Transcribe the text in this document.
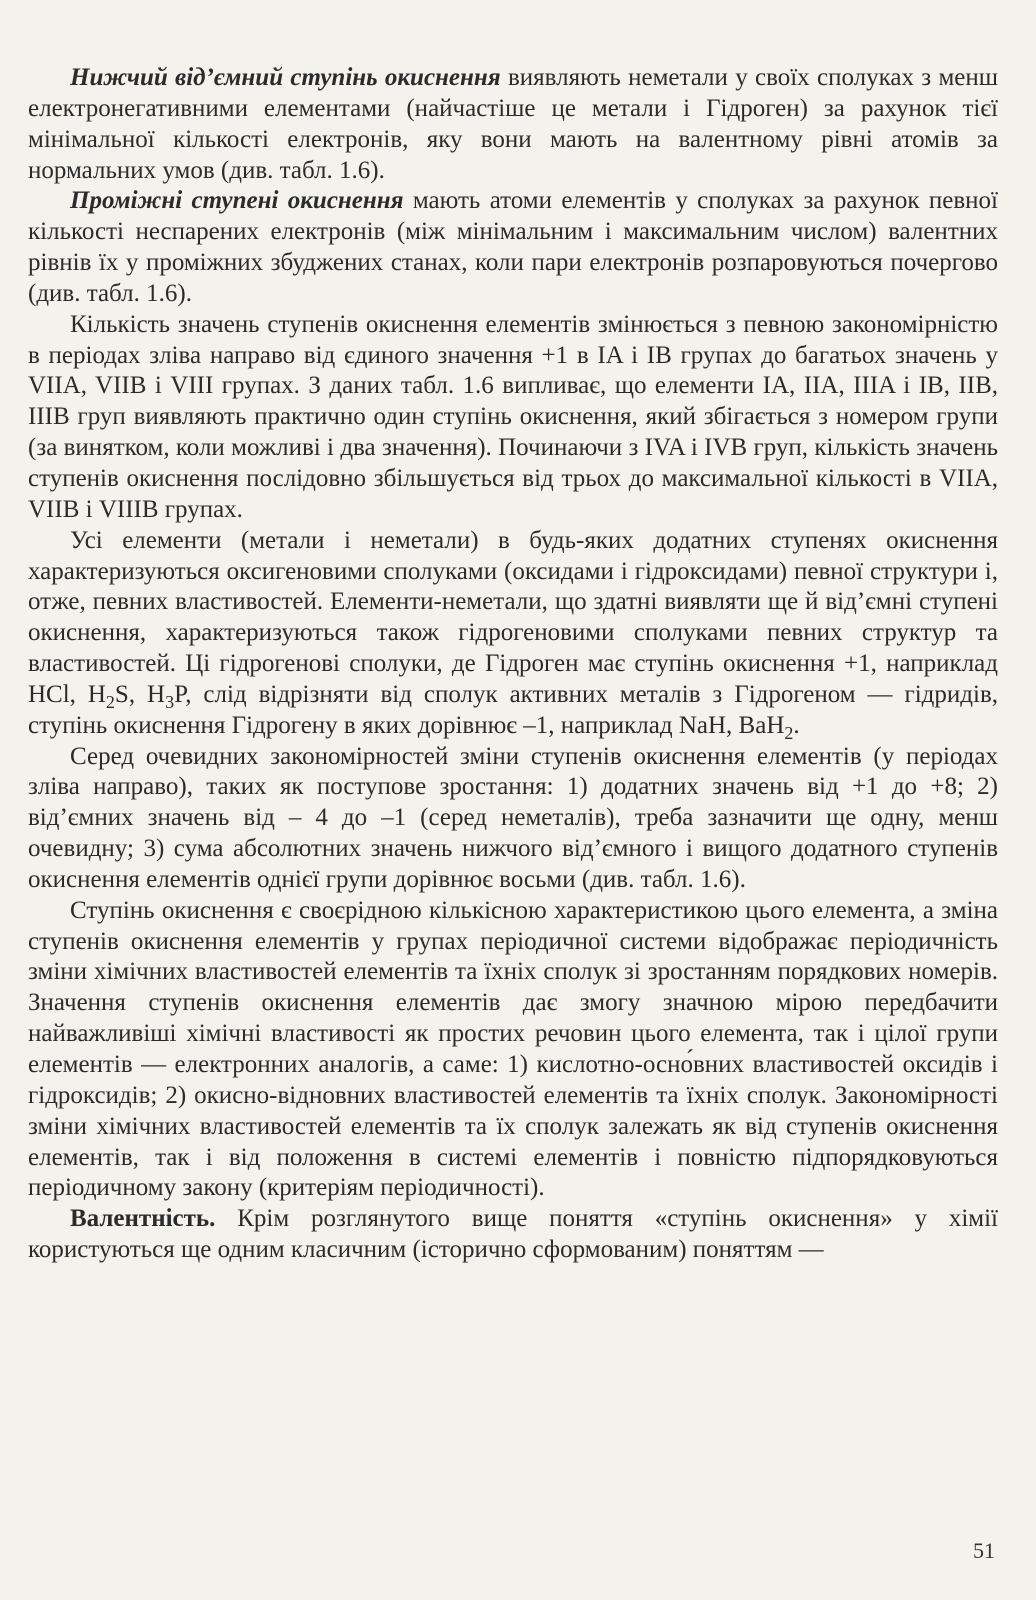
Нижчий від’ємний ступінь окиснення виявляють неметали у своїх сполуках з менш електронегативними елементами (найчастіше це метали і Гідроген) за рахунок тієї мінімальної кількості електронів, яку вони мають на валентному рівні атомів за нормальних умов (див. табл. 1.6).

Проміжні ступені окиснення мають атоми елементів у сполуках за рахунок певної кількості неспарених електронів (між мінімальним і максимальним числом) валентних рівнів їх у проміжних збуджених станах, коли пари електронів розпаровуються почергово (див. табл. 1.6).

Кількість значень ступенів окиснення елементів змінюється з певною закономірністю в періодах зліва направо від єдиного значення +1 в IA і IB групах до багатьох значень у VIIA, VIIB і VIII групах. З даних табл. 1.6 випливає, що елементи IA, IIA, IIIA і IB, IIB, IIIB груп виявляють практично один ступінь окиснення, який збігається з номером групи (за винятком, коли можливі і два значення). Починаючи з IVA і IVB груп, кількість значень ступенів окиснення послідовно збільшується від трьох до максимальної кількості в VIIA, VIIB і VIIIB групах.

Усі елементи (метали і неметали) в будь-яких додатних ступенях окиснення характеризуються оксигеновими сполуками (оксидами і гідроксидами) певної структури і, отже, певних властивостей. Елементи-неметали, що здатні виявляти ще й від’ємні ступені окиснення, характеризуються також гідрогеновими сполуками певних структур та властивостей. Ці гідрогенові сполуки, де Гідроген має ступінь окиснення +1, наприклад HCl, $H_2S$, $H_3P$, слід відрізняти від сполук активних металів з Гідрогеном — гідридів, ступінь окиснення Гідрогену в яких дорівнює –1, наприклад NaH, BaH$_2$.

Серед очевидних закономірностей зміни ступенів окиснення елементів (у періодах зліва направо), таких як поступове зростання: 1) додатних значень від +1 до +8; 2) від’ємних значень від – 4 до –1 (серед неметалів), треба зазначити ще одну, менш очевидну; 3) сума абсолютних значень нижчого від’ємного і вищого додатного ступенів окиснення елементів однієї групи дорівнює восьми (див. табл. 1.6).

Ступінь окиснення є своєрідною кількісною характеристикою цього елемента, а зміна ступенів окиснення елементів у групах періодичної системи відображає періодичність зміни хімічних властивостей елементів та їхніх сполук зі зростанням порядкових номерів. Значення ступенів окиснення елементів дає змогу значною мірою передбачити найважливіші хімічні властивості як простих речовин цього елемента, так і цілої групи елементів — електронних аналогів, а саме: 1) кислотно-осно́вних властивостей оксидів і гідроксидів; 2) окисно-відновних властивостей елементів та їхніх сполук. Закономірності зміни хімічних властивостей елементів та їх сполук залежать як від ступенів окиснення елементів, так і від положення в системі елементів і повністю підпорядковуються періодичному закону (критеріям періодичності).

Валентність. Крім розглянутого вище поняття «ступінь окиснення» у хімії користуються ще одним класичним (історично сформованим) поняттям —

51
